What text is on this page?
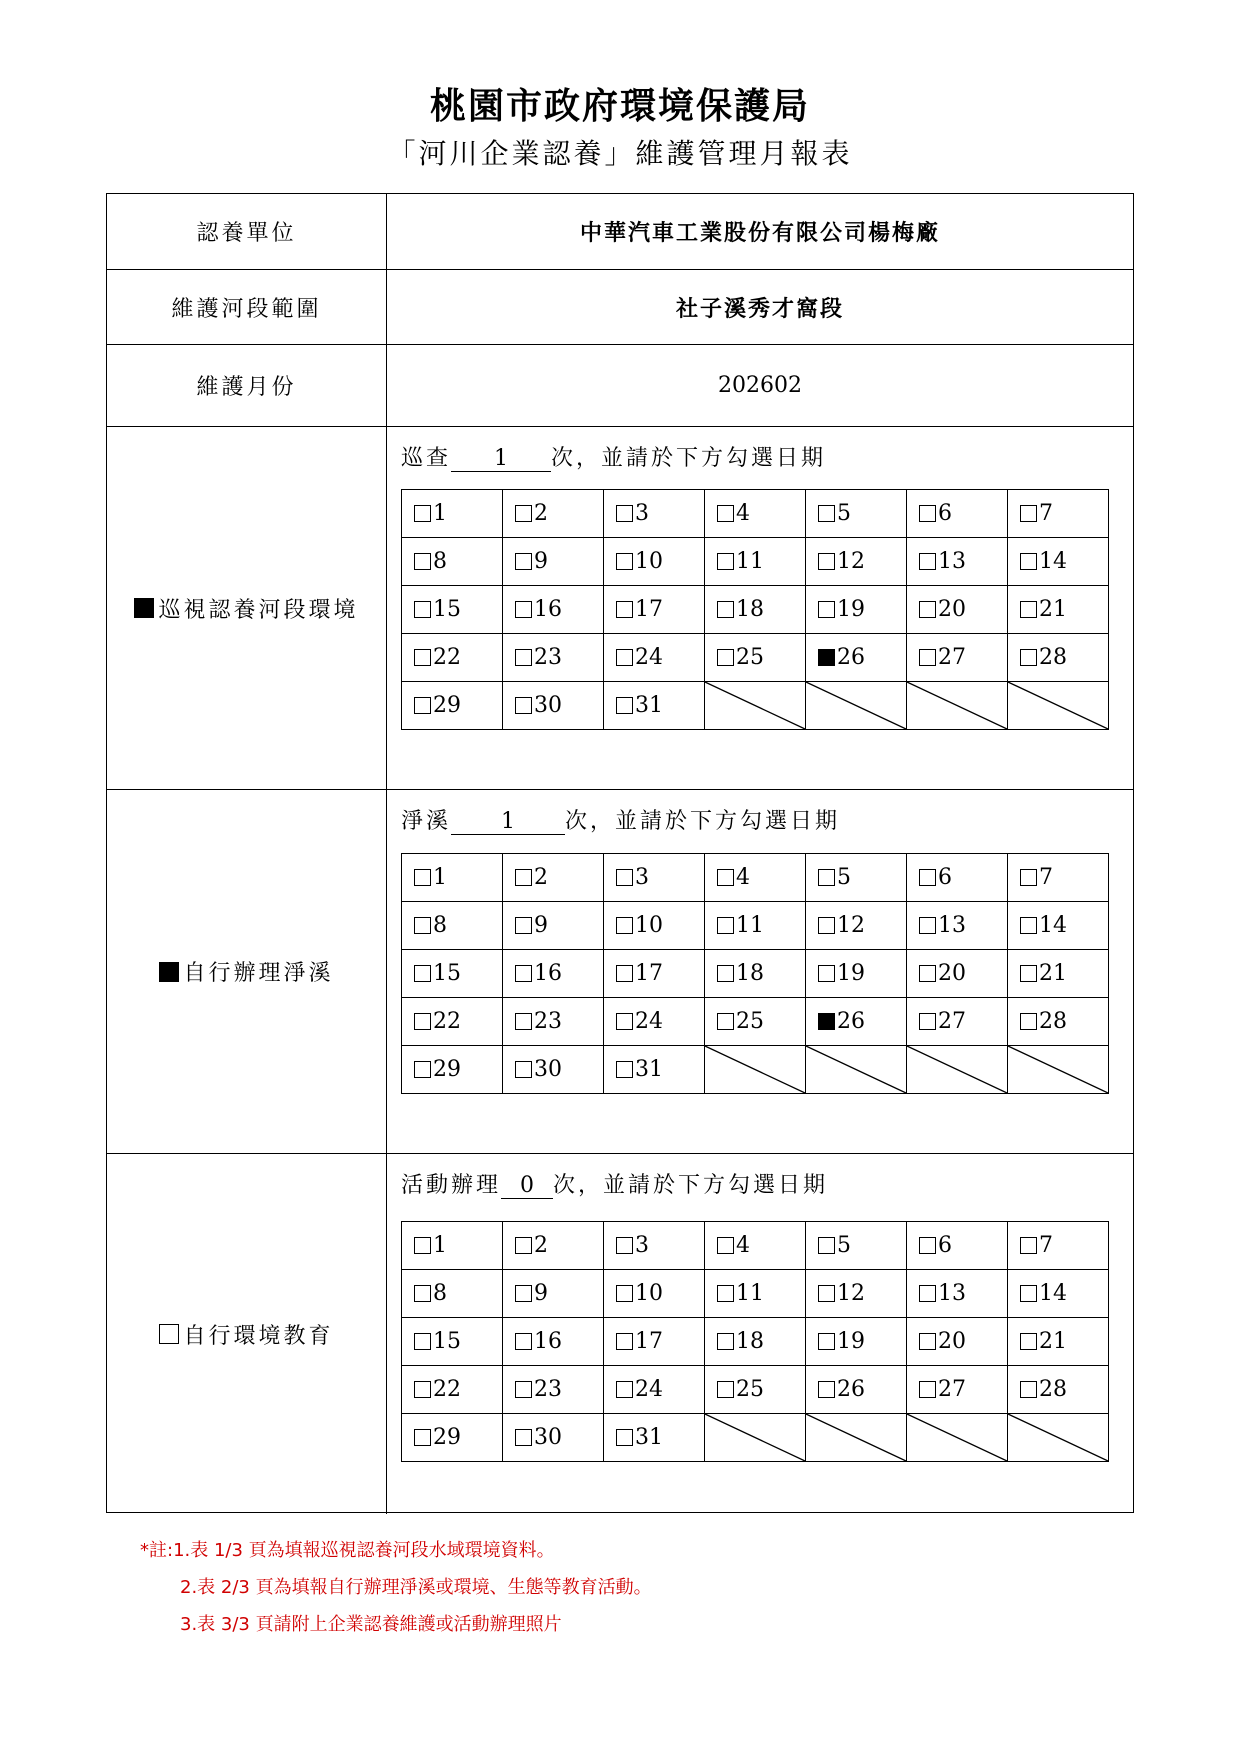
桃園市政府環境保護局
「河川企業認養」維護管理月報表
認養單位	中華汽車工業股份有限公司楊梅廠
維護河段範圍	社子溪秀才窩段
維護月份	202602
巡視認養河段環境
巡查 1 次，並請於下方勾選日期
1	2	3	4	5	6	7
8	9	10	11	12	13	14
15	16	17	18	19	20	21
22	23	24	25	26	27	28
29	30	31	

自行辦理淨溪
淨溪 1 次，並請於下方勾選日期
1	2	3	4	5	6	7
8	9	10	11	12	13	14
15	16	17	18	19	20	21
22	23	24	25	26	27	28
29	30	31	

自行環境教育
活動辦理 0 次，並請於下方勾選日期
1	2	3	4	5	6	7
8	9	10	11	12	13	14
15	16	17	18	19	20	21
22	23	24	25	26	27	28
29	30	31	

*註:1.表 1/3 頁為填報巡視認養河段水域環境資料。
2.表 2/3 頁為填報自行辦理淨溪或環境、生態等教育活動。
3.表 3/3 頁請附上企業認養維護或活動辦理照片
